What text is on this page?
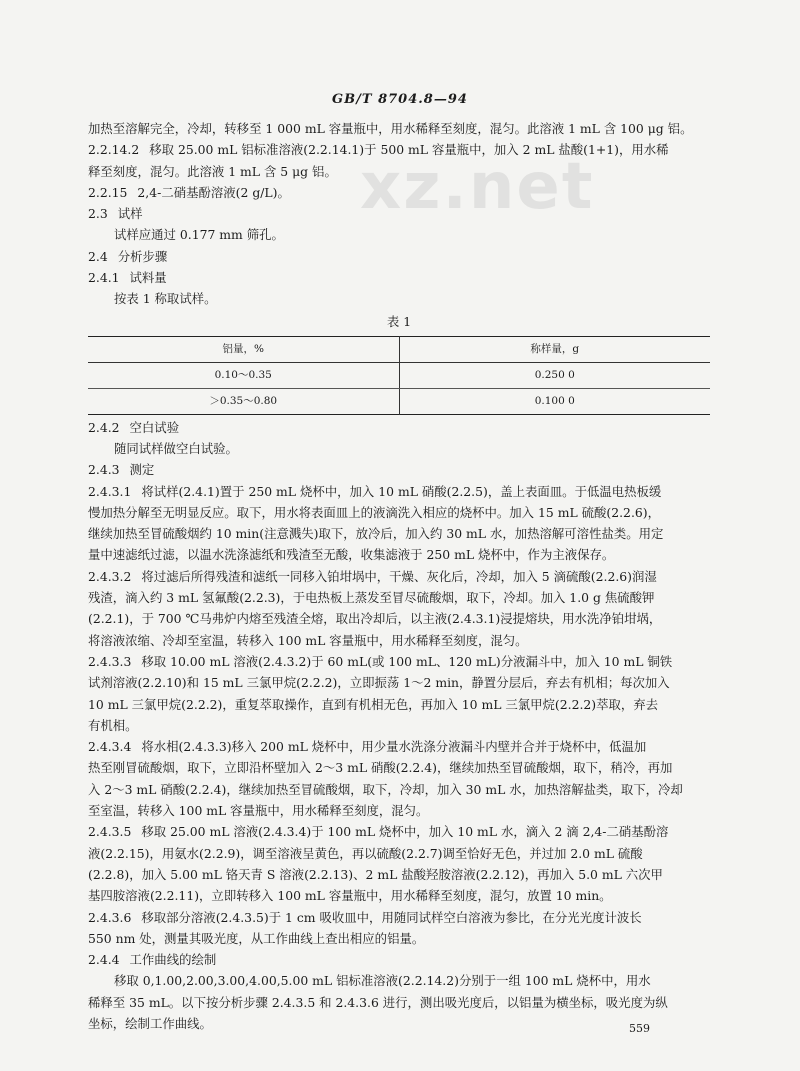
GB/T 8704.8—94
xz.net
加热至溶解完全，冷却，转移至 1 000 mL 容量瓶中，用水稀释至刻度，混匀。此溶液 1 mL 含 100 μg 铝。
2.2.14.2 移取 25.00 mL 铝标准溶液(2.2.14.1)于 500 mL 容量瓶中，加入 2 mL 盐酸(1+1)，用水稀
释至刻度，混匀。此溶液 1 mL 含 5 μg 铝。
2.2.15 2,4-二硝基酚溶液(2 g/L)。
2.3 试样
试样应通过 0.177 mm 筛孔。
2.4 分析步骤
2.4.1 试料量
按表 1 称取试样。
表 1
铝量，%	称样量，g
0.10～0.35	0.250 0
＞0.35～0.80	0.100 0
2.4.2 空白试验
随同试样做空白试验。
2.4.3 测定
2.4.3.1 将试样(2.4.1)置于 250 mL 烧杯中，加入 10 mL 硝酸(2.2.5)，盖上表面皿。于低温电热板缓
慢加热分解至无明显反应。取下，用水将表面皿上的液滴洗入相应的烧杯中。加入 15 mL 硫酸(2.2.6)，
继续加热至冒硫酸烟约 10 min(注意溅失)取下，放冷后，加入约 30 mL 水，加热溶解可溶性盐类。用定
量中速滤纸过滤，以温水洗涤滤纸和残渣至无酸，收集滤液于 250 mL 烧杯中，作为主液保存。
2.4.3.2 将过滤后所得残渣和滤纸一同移入铂坩埚中，干燥、灰化后，冷却，加入 5 滴硫酸(2.2.6)润湿
残渣，滴入约 3 mL 氢氟酸(2.2.3)，于电热板上蒸发至冒尽硫酸烟，取下，冷却。加入 1.0 g 焦硫酸钾
(2.2.1)，于 700 ℃马弗炉内熔至残渣全熔，取出冷却后，以主液(2.4.3.1)浸提熔块，用水洗净铂坩埚，
将溶液浓缩、冷却至室温，转移入 100 mL 容量瓶中，用水稀释至刻度，混匀。
2.4.3.3 移取 10.00 mL 溶液(2.4.3.2)于 60 mL(或 100 mL、120 mL)分液漏斗中，加入 10 mL 铜铁
试剂溶液(2.2.10)和 15 mL 三氯甲烷(2.2.2)，立即振荡 1～2 min，静置分层后，弃去有机相；每次加入
10 mL 三氯甲烷(2.2.2)，重复萃取操作，直到有机相无色，再加入 10 mL 三氯甲烷(2.2.2)萃取，弃去
有机相。
2.4.3.4 将水相(2.4.3.3)移入 200 mL 烧杯中，用少量水洗涤分液漏斗内壁并合并于烧杯中，低温加
热至刚冒硫酸烟，取下，立即沿杯壁加入 2～3 mL 硝酸(2.2.4)，继续加热至冒硫酸烟，取下，稍冷，再加
入 2～3 mL 硝酸(2.2.4)，继续加热至冒硫酸烟，取下，冷却，加入 30 mL 水，加热溶解盐类，取下，冷却
至室温，转移入 100 mL 容量瓶中，用水稀释至刻度，混匀。
2.4.3.5 移取 25.00 mL 溶液(2.4.3.4)于 100 mL 烧杯中，加入 10 mL 水，滴入 2 滴 2,4-二硝基酚溶
液(2.2.15)，用氨水(2.2.9)，调至溶液呈黄色，再以硫酸(2.2.7)调至恰好无色，并过加 2.0 mL 硫酸
(2.2.8)，加入 5.00 mL 铬天青 S 溶液(2.2.13)、2 mL 盐酸羟胺溶液(2.2.12)，再加入 5.0 mL 六次甲
基四胺溶液(2.2.11)，立即转移入 100 mL 容量瓶中，用水稀释至刻度，混匀，放置 10 min。
2.4.3.6 移取部分溶液(2.4.3.5)于 1 cm 吸收皿中，用随同试样空白溶液为参比，在分光光度计波长
550 nm 处，测量其吸光度，从工作曲线上查出相应的铝量。
2.4.4 工作曲线的绘制
移取 0,1.00,2.00,3.00,4.00,5.00 mL 铝标准溶液(2.2.14.2)分别于一组 100 mL 烧杯中，用水
稀释至 35 mL。以下按分析步骤 2.4.3.5 和 2.4.3.6 进行，测出吸光度后，以铝量为横坐标，吸光度为纵
坐标，绘制工作曲线。	559
